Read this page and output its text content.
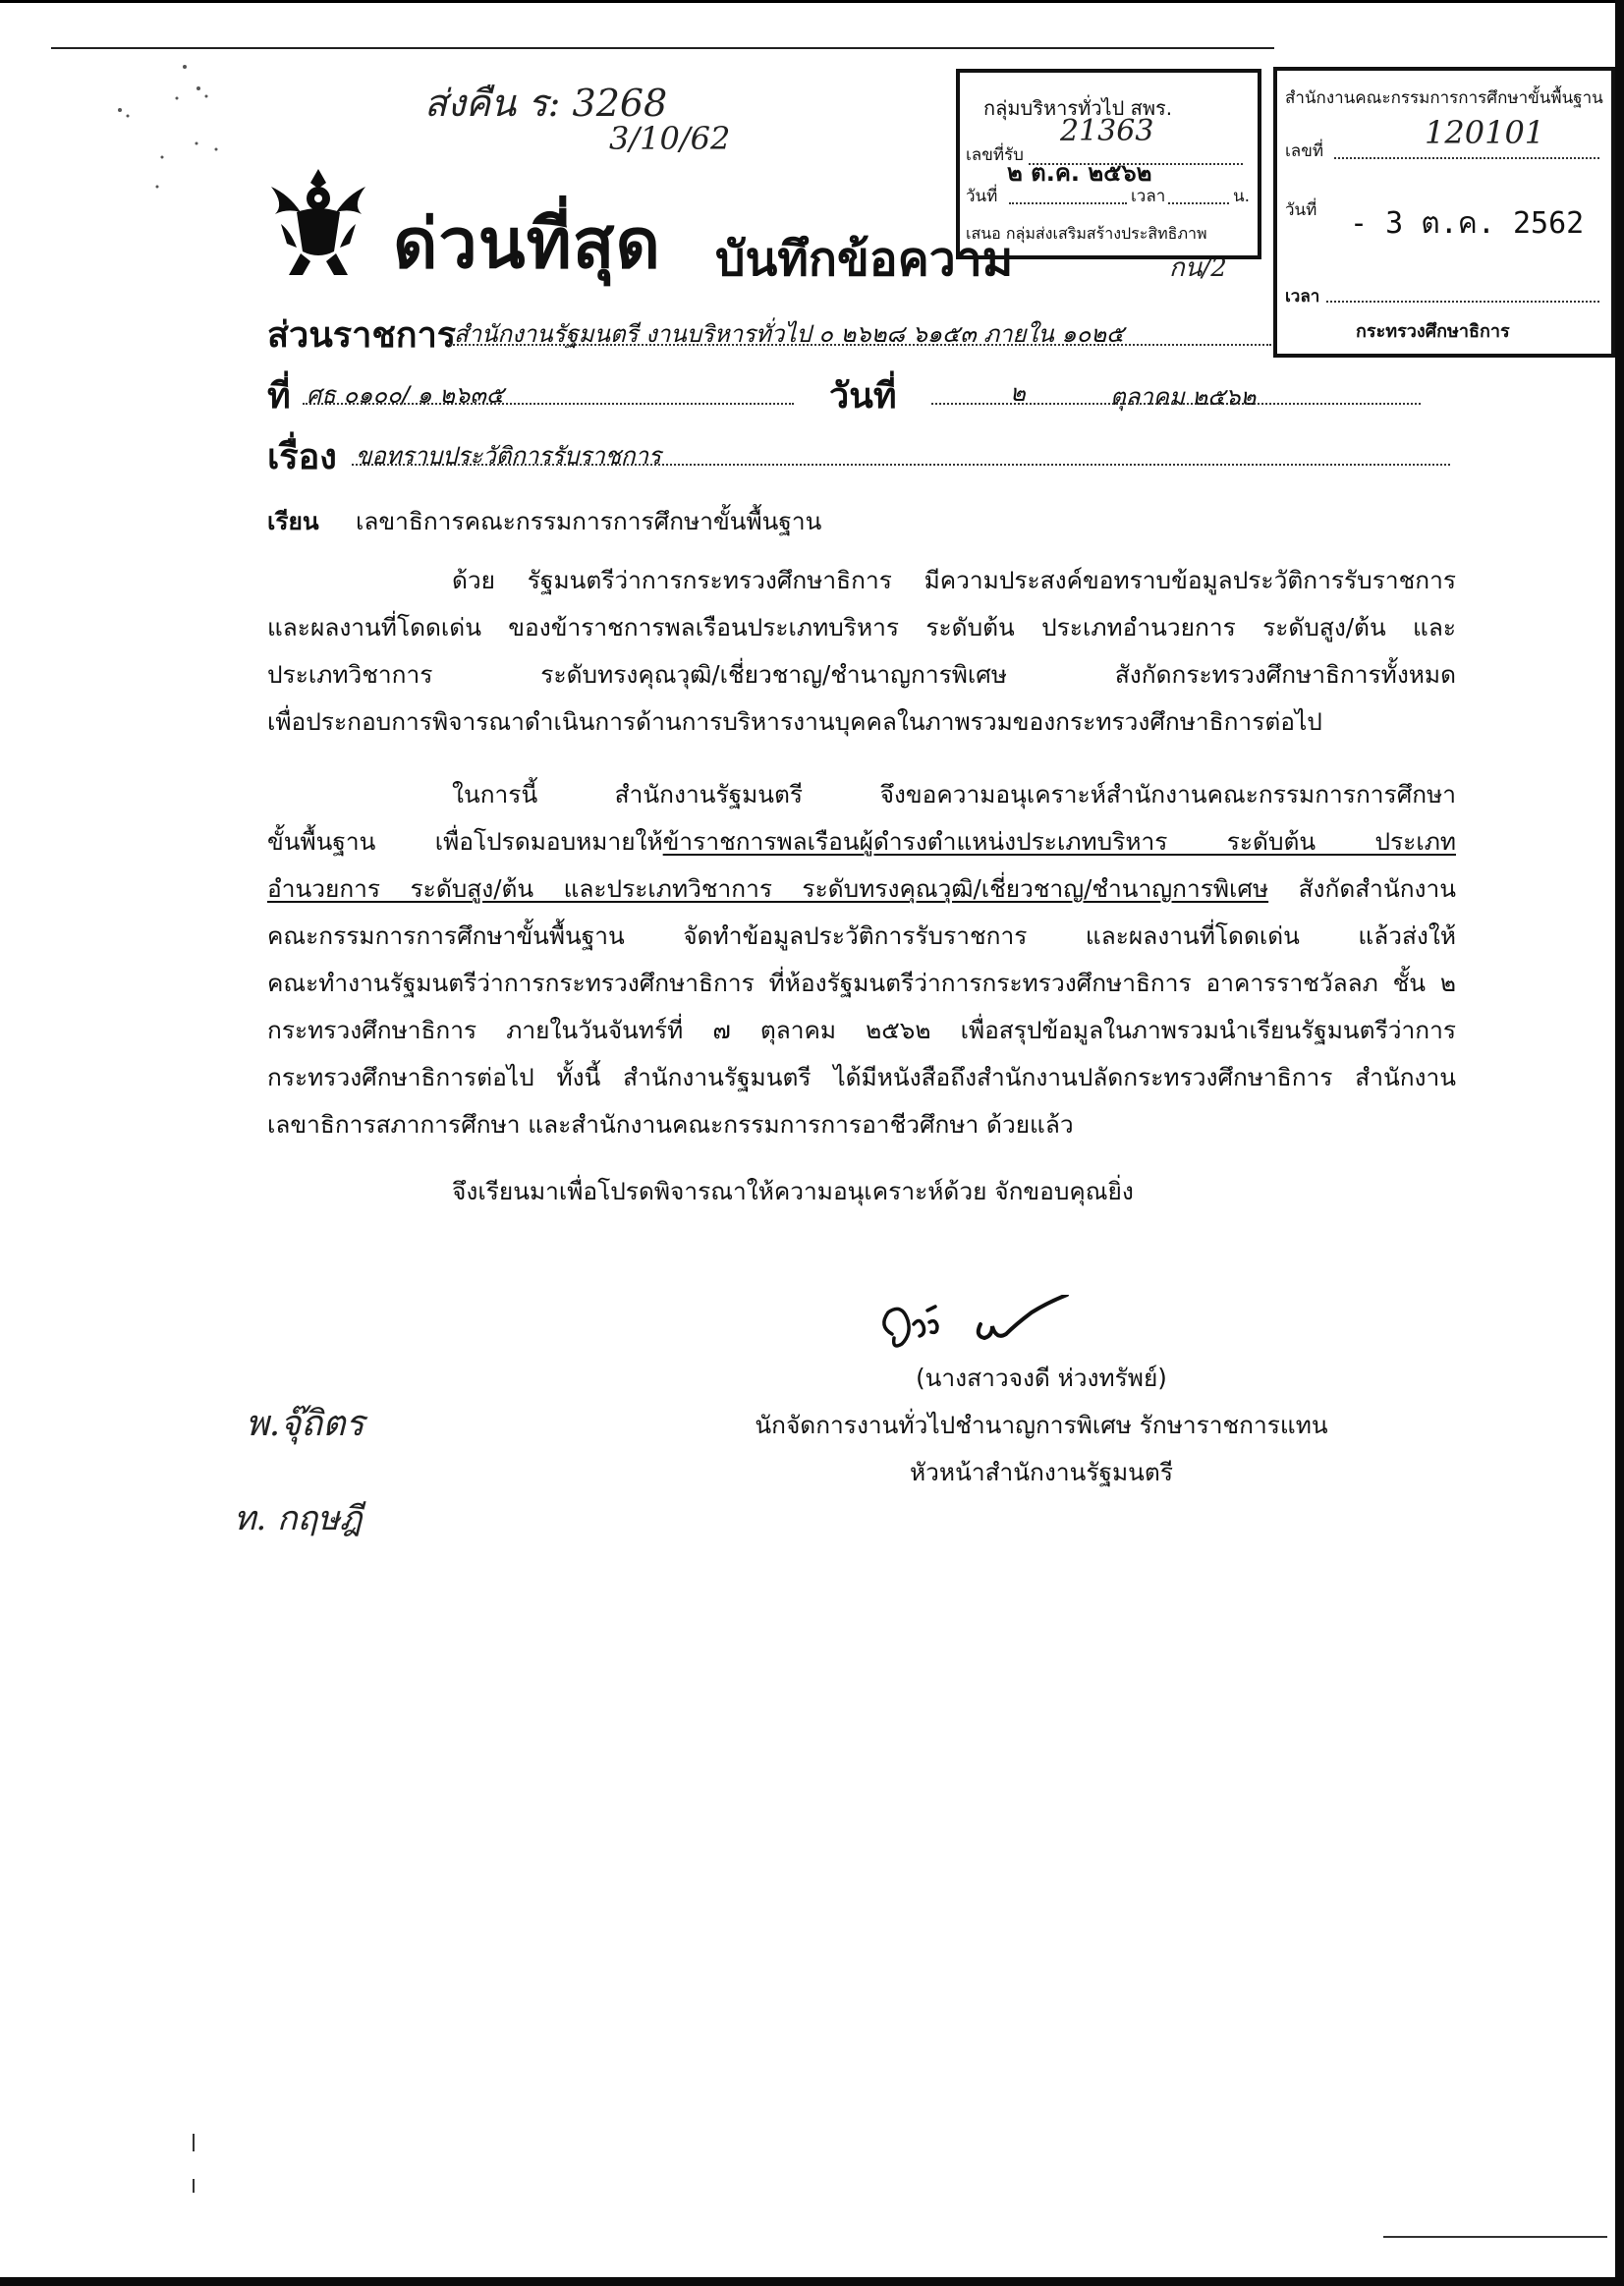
ส่งคืน ร: 3268
3/10/62
ด่วนที่สุด บันทึกข้อความ	กน/2
กลุ่มบริหารทั่วไป สพร.
เลขที่รับ
21363
๒ ต.ค. ๒๕๖๒
วันที่	เวลา	น.
เสนอ กลุ่มส่งเสริมสร้างประสิทธิภาพ
สำนักงานคณะกรรมการการศึกษาขั้นพื้นฐาน
เลขที่	120101
วันที่ - 3 ต.ค. 2562
เวลา
กระทรวงศึกษาธิการ
ส่วนราชการ
สำนักงานรัฐมนตรี งานบริหารทั่วไป ๐ ๒๖๒๘ ๖๑๕๓ ภายใน ๑๐๒๕
ที่ ศธ ๐๑๐๐/ ๑ ๒๖๓๕	วันที่	๒	ตุลาคม ๒๕๖๒
เรื่อง ขอทราบประวัติการรับราชการ
เรียน เลขาธิการคณะกรรมการการศึกษาขั้นพื้นฐาน
ด้วย รัฐมนตรีว่าการกระทรวงศึกษาธิการ มีความประสงค์ขอทราบข้อมูลประวัติการรับราชการ
และผลงานที่โดดเด่น ของข้าราชการพลเรือนประเภทบริหาร ระดับต้น ประเภทอำนวยการ ระดับสูง/ต้น และ
ประเภทวิชาการ ระดับทรงคุณวุฒิ/เชี่ยวชาญ/ชำนาญการพิเศษ สังกัดกระทรวงศึกษาธิการทั้งหมด
เพื่อประกอบการพิจารณาดำเนินการด้านการบริหารงานบุคคลในภาพรวมของกระทรวงศึกษาธิการต่อไป
ในการนี้ สำนักงานรัฐมนตรี จึงขอความอนุเคราะห์สำนักงานคณะกรรมการการศึกษา
ขั้นพื้นฐาน เพื่อโปรดมอบหมายให้ข้าราชการพลเรือนผู้ดำรงตำแหน่งประเภทบริหาร ระดับต้น ประเภท
อำนวยการ ระดับสูง/ต้น และประเภทวิชาการ ระดับทรงคุณวุฒิ/เชี่ยวชาญ/ชำนาญการพิเศษ สังกัดสำนักงาน
คณะกรรมการการศึกษาขั้นพื้นฐาน จัดทำข้อมูลประวัติการรับราชการ และผลงานที่โดดเด่น แล้วส่งให้
คณะทำงานรัฐมนตรีว่าการกระทรวงศึกษาธิการ ที่ห้องรัฐมนตรีว่าการกระทรวงศึกษาธิการ อาคารราชวัลลภ ชั้น ๒
กระทรวงศึกษาธิการ ภายในวันจันทร์ที่ ๗ ตุลาคม ๒๕๖๒ เพื่อสรุปข้อมูลในภาพรวมนำเรียนรัฐมนตรีว่าการ
กระทรวงศึกษาธิการต่อไป ทั้งนี้ สำนักงานรัฐมนตรี ได้มีหนังสือถึงสำนักงานปลัดกระทรวงศึกษาธิการ สำนักงาน
เลขาธิการสภาการศึกษา และสำนักงานคณะกรรมการการอาชีวศึกษา ด้วยแล้ว
จึงเรียนมาเพื่อโปรดพิจารณาให้ความอนุเคราะห์ด้วย จักขอบคุณยิ่ง
(นางสาวจงดี ห่วงทรัพย์)
นักจัดการงานทั่วไปชำนาญการพิเศษ รักษาราชการแทน
หัวหน้าสำนักงานรัฐมนตรี
พ.จุ๊ถิตร
ท. กฤษฎี
